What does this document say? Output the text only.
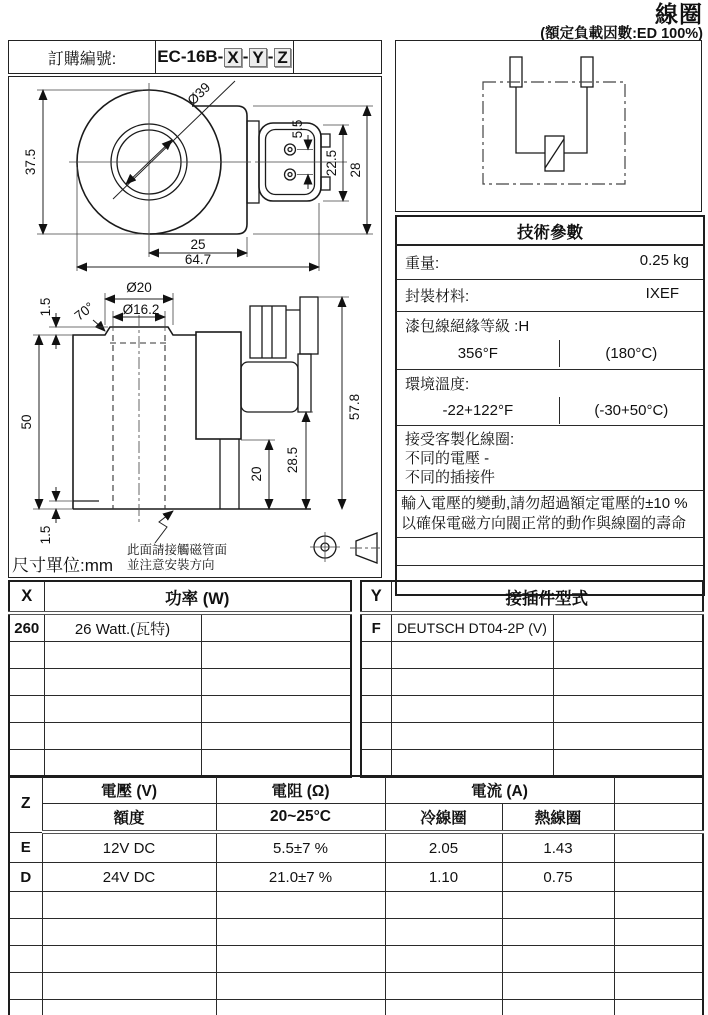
線圈
(額定負載因數:ED 100%)
訂購編號:	EC-16B- X - Y - Z
Ø39
37.5
25
64.7
5.5
22.5 28
Ø20
Ø16.2
70°
1.5
50
1.5
20
28.5
57.8
此面請接觸磁管面
並注意安裝方向
尺寸單位:mm
技術參數

重量:	0.25 kg

封裝材料:	IXEF

漆包線絕緣等級 :H
356°F	(180°C)

環境溫度:
-22+122°F	(-30+50°C)

接受客製化線圈:
不同的電壓 -
不同的插接件

輸入電壓的變動,請勿超過額定電壓的±10 %
以確保電磁方向閥正常的動作與線圈的壽命

X	功率 (W)	
260	26 Watt.(瓦特)	

Y	接插件型式	
F	DEUTSCH DT04-2P (V)	

Z	電壓 (V)	電阻 (Ω)	電流 (A)		
	額度	20~25°C	冷線圈	熱線圈	
E	12V DC	5.5±7 %	2.05	1.43	
D	24V DC	21.0±7 %	1.10	0.75	
